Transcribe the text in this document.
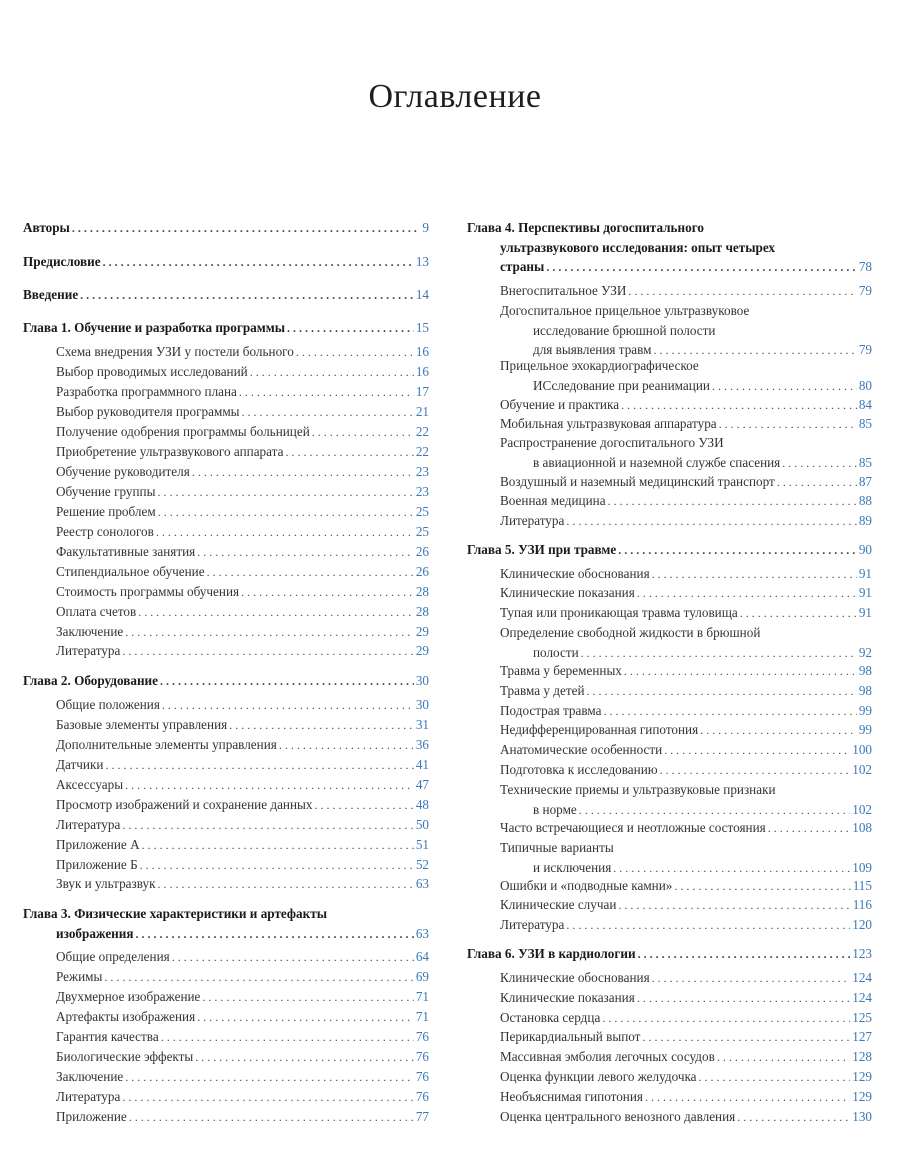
Оглавление
Авторы . . .	9
Предисловие . . .	13
Введение . . .	14
Глава 1. Обучение и разработка программы . . .	15
Схема внедрения УЗИ у постели больного . . .	16
Выбор проводимых исследований . . .	16
Разработка программного плана . . .	17
Выбор руководителя программы . . .	21
Получение одобрения программы больницей . . .	22
Приобретение ультразвукового аппарата . . .	22
Обучение руководителя . . .	23
Обучение группы . . .	23
Решение проблем . . .	25
Реестр сонологов . . .	25
Факультативные занятия . . .	26
Стипендиальное обучение . . .	26
Стоимость программы обучения . . .	28
Оплата счетов . . .	28
Заключение . . .	29
Литература . . .	29
Глава 2. Оборудование . . .	30
Общие положения . . .	30
Базовые элементы управления . . .	31
Дополнительные элементы управления . . .	36
Датчики . . .	41
Аксессуары . . .	47
Просмотр изображений и сохранение данных . . .	48
Литература . . .	50
Приложение А . . .	51
Приложение Б . . .	52
Звук и ультразвук . . .	63
Глава 3. Физические характеристики и артефакты
изображения . . .	63
Общие определения . . .	64
Режимы . . .	69
Двухмерное изображение . . .	71
Артефакты изображения . . .	71
Гарантия качества . . .	76
Биологические эффекты . . .	76
Заключение . . .	76
Литература . . .	76
Приложение . . .	77
Глава 4. Перспективы догоспитального
ультразвукового исследования: опыт четырех
страны . . .	78
Внегоспитальное УЗИ . . .	79
Догоспитальное прицельное ультразвуковое
исследование брюшной полости
для выявления травм . . .	79
Прицельное эхокардиографическое
ИСследование при реанимации . . .	80
Обучение и практика . . .	84
Мобильная ультразвуковая аппаратура . . .	85
Распространение догоспитального УЗИ
в авиационной и наземной службе спасения . . .	85
Воздушный и наземный медицинский транспорт . . .	87
Военная медицина . . .	88
Литература . . .	89
Глава 5. УЗИ при травме . . .	90
Клинические обоснования . . .	91
Клинические показания . . .	91
Тупая или проникающая травма туловища . . .	91
Определение свободной жидкости в брюшной
полости . . .	92
Травма у беременных . . .	98
Травма у детей . . .	98
Подострая травма . . .	99
Недифференцированная гипотония . . .	99
Анатомические особенности . . .	100
Подготовка к исследованию . . .	102
Технические приемы и ультразвуковые признаки
в норме . . .	102
Часто встречающиеся и неотложные состояния . . .	108
Типичные варианты
и исключения . . .	109
Ошибки и «подводные камни» . . .	115
Клинические случаи . . .	116
Литература . . .	120
Глава 6. УЗИ в кардиологии . . .	123
Клинические обоснования . . .	124
Клинические показания . . .	124
Остановка сердца . . .	125
Перикардиальный выпот . . .	127
Массивная эмболия легочных сосудов . . .	128
Оценка функции левого желудочка . . .	129
Необъяснимая гипотония . . .	129
Оценка центрального венозного давления . . .	130
